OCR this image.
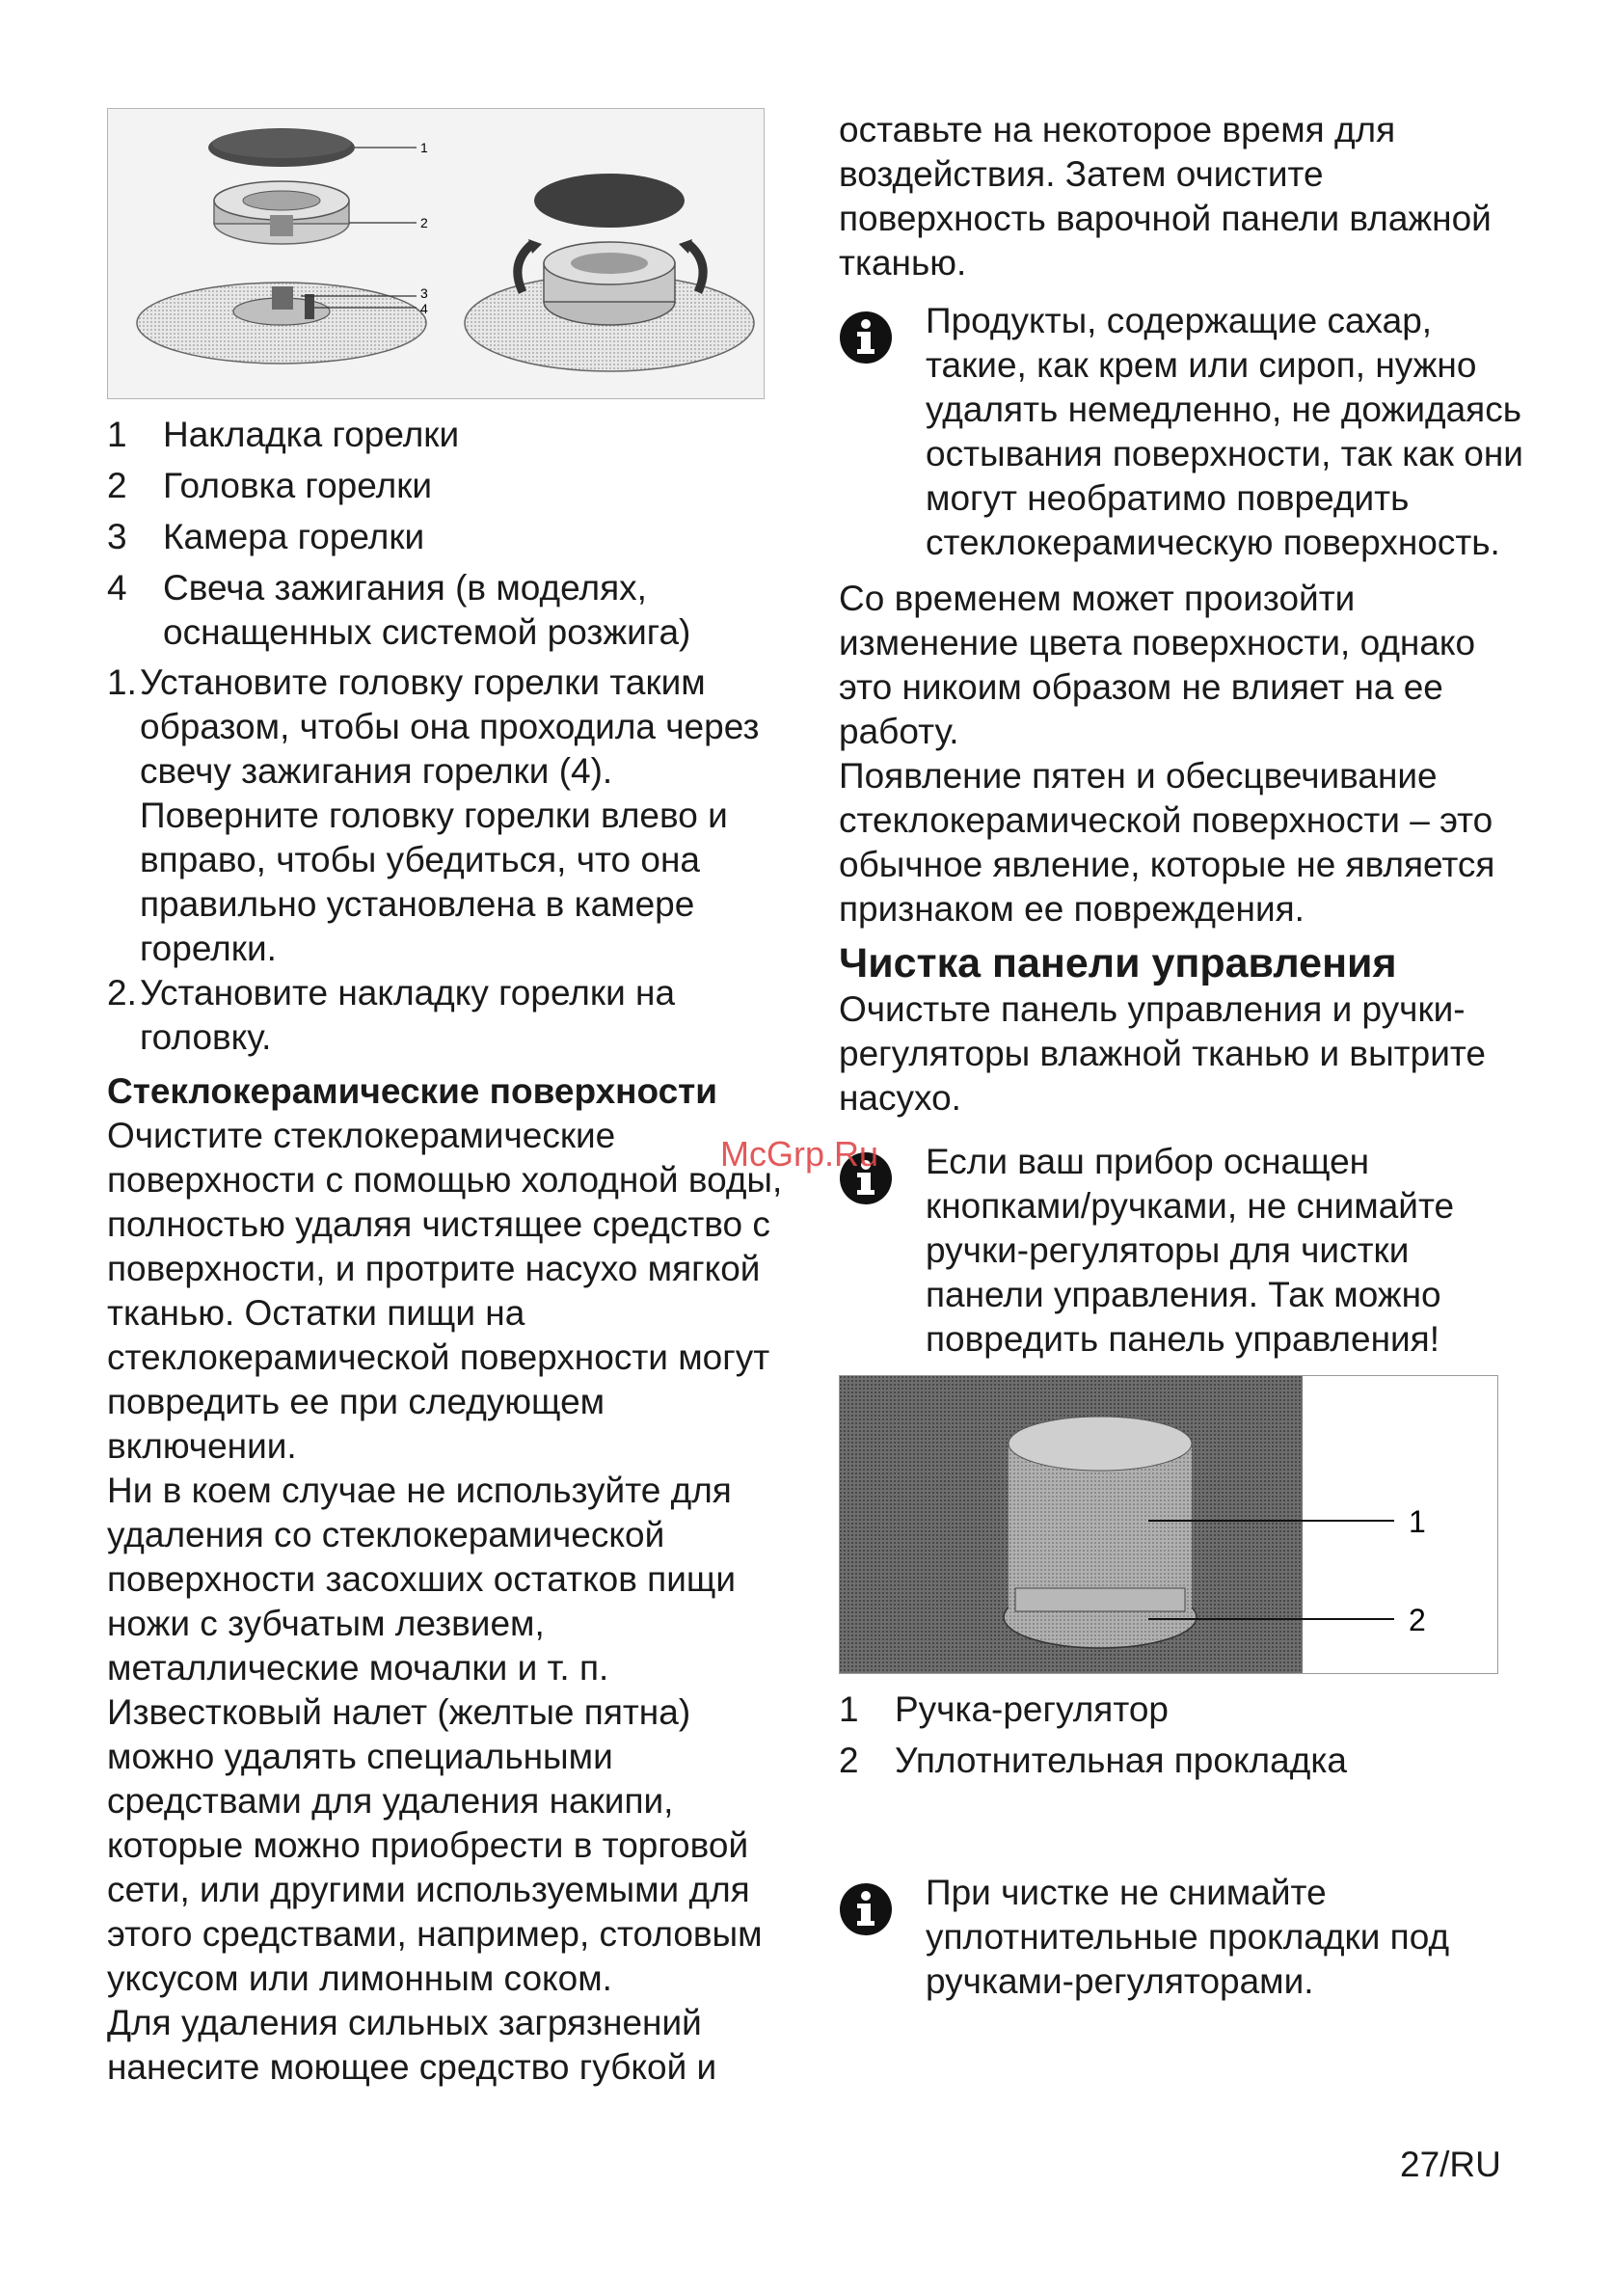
1
2
3
4
1	Накладка горелки
2	Головка горелки
3	Камера горелки
4	Свеча зажигания (в моделях, оснащенных системой розжига)
1. Установите головку горелки таким образом, чтобы она проходила через свечу зажигания горелки (4). Поверните головку горелки влево и вправо, чтобы убедиться, что она правильно установлена в камере горелки.
2. Установите накладку горелки на головку.
Стеклокерамические поверхности
Очистите стеклокерамические поверхности с помощью холодной воды, полностью удаляя чистящее средство с поверхности, и протрите насухо мягкой тканью. Остатки пищи на стеклокерамической поверхности могут повредить ее при следующем включении.
Ни в коем случае не используйте для удаления со стеклокерамической поверхности засохших остатков пищи ножи с зубчатым лезвием, металлические мочалки и т. п.
Известковый налет (желтые пятна) можно удалять специальными средствами для удаления накипи, которые можно приобрести в торговой сети, или другими используемыми для этого средствами, например, столовым уксусом или лимонным соком.
Для удаления сильных загрязнений нанесите моющее средство губкой и
оставьте на некоторое время для воздействия. Затем очистите поверхность варочной панели влажной тканью.
Продукты, содержащие сахар, такие, как крем или сироп, нужно удалять немедленно, не дожидаясь остывания поверхности, так как они могут необратимо повредить стеклокерамическую поверхность.
Со временем может произойти изменение цвета поверхности, однако это никоим образом не влияет на ее работу.
Появление пятен и обесцвечивание стеклокерамической поверхности – это обычное явление, которые не является признаком ее повреждения.
Чистка панели управления
Очистьте панель управления и ручки-регуляторы влажной тканью и вытрите насухо.
Если ваш прибор оснащен кнопками/ручками, не снимайте ручки-регуляторы для чистки панели управления. Так можно повредить панель управления!
1
2
1	Ручка-регулятор
2	Уплотнительная прокладка
При чистке не снимайте уплотнительные прокладки под ручками-регуляторами.
McGrp.Ru
27/RU
